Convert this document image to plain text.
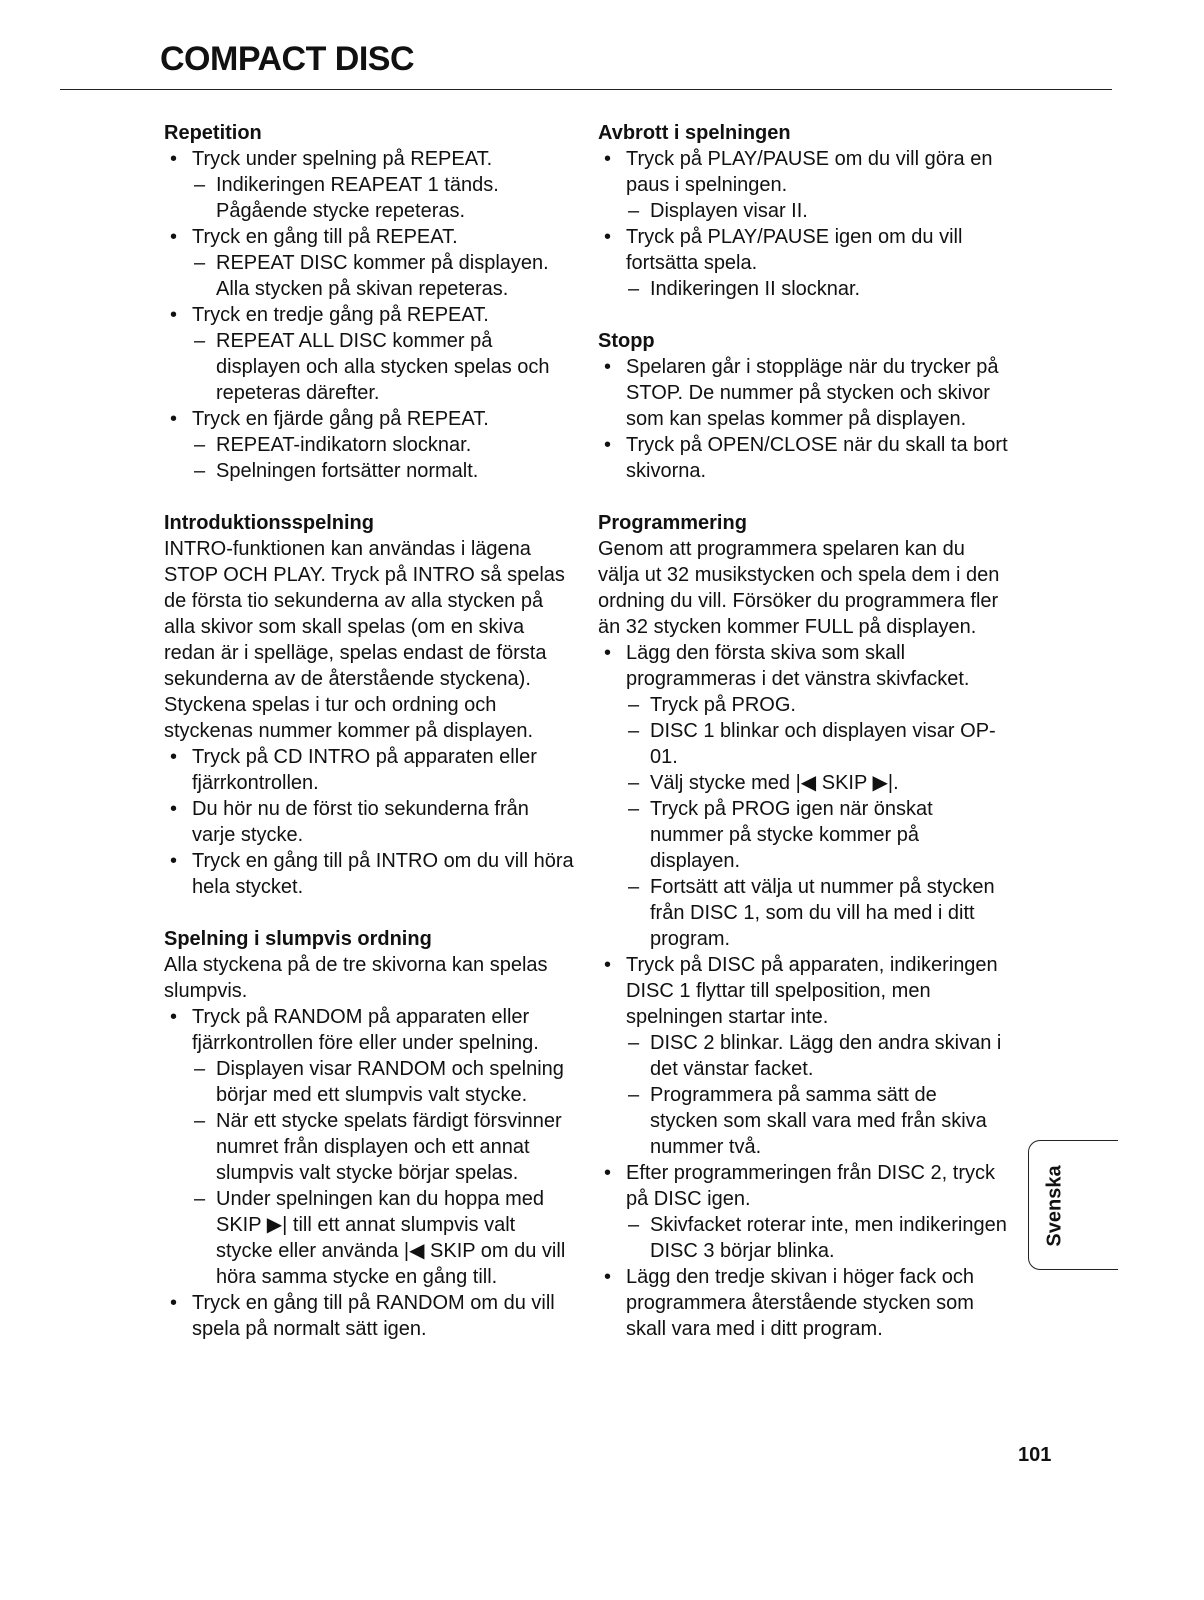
COMPACT DISC
Repetition
• Tryck under spelning på REPEAT.
– Indikeringen REAPEAT 1 tänds. Pågående stycke repeteras.
• Tryck en gång till på REPEAT.
– REPEAT DISC kommer på displayen. Alla stycken på skivan repeteras.
• Tryck en tredje gång på REPEAT.
– REPEAT ALL DISC kommer på displayen och alla stycken spelas och repeteras därefter.
• Tryck en fjärde gång på REPEAT.
– REPEAT-indikatorn slocknar.
– Spelningen fortsätter normalt.
Introduktionsspelning

INTRO-funktionen kan användas i lägena STOP OCH PLAY. Tryck på INTRO så spelas de första tio sekunderna av alla stycken på alla skivor som skall spelas (om en skiva redan är i spelläge, spelas endast de första sekunderna av de återstående styckena). Styckena spelas i tur och ordning och styckenas nummer kommer på displayen.

• Tryck på CD INTRO på apparaten eller fjärrkontrollen.
• Du hör nu de först tio sekunderna från varje stycke.
• Tryck en gång till på INTRO om du vill höra hela stycket.
Spelning i slumpvis ordning

Alla styckena på de tre skivorna kan spelas slumpvis.

• Tryck på RANDOM på apparaten eller fjärrkontrollen före eller under spelning.
– Displayen visar RANDOM och spelning börjar med ett slumpvis valt stycke.
– När ett stycke spelats färdigt försvinner numret från displayen och ett annat slumpvis valt stycke börjar spelas.
– Under spelningen kan du hoppa med SKIP ▶| till ett annat slumpvis valt stycke eller använda |◀ SKIP om du vill höra samma stycke en gång till.
• Tryck en gång till på RANDOM om du vill spela på normalt sätt igen.
Avbrott i spelningen
• Tryck på PLAY/PAUSE om du vill göra en paus i spelningen.
– Displayen visar II.
• Tryck på PLAY/PAUSE igen om du vill fortsätta spela.
– Indikeringen II slocknar.
Stopp
• Spelaren går i stoppläge när du trycker på STOP. De nummer på stycken och skivor som kan spelas kommer på displayen.
• Tryck på OPEN/CLOSE när du skall ta bort skivorna.
Programmering

Genom att programmera spelaren kan du välja ut 32 musikstycken och spela dem i den ordning du vill. Försöker du programmera fler än 32 stycken kommer FULL på displayen.

• Lägg den första skiva som skall programmeras i det vänstra skivfacket.
– Tryck på PROG.
– DISC 1 blinkar och displayen visar OP-01.
– Välj stycke med |◀ SKIP ▶|.
– Tryck på PROG igen när önskat nummer på stycke kommer på displayen.
– Fortsätt att välja ut nummer på stycken från DISC 1, som du vill ha med i ditt program.
• Tryck på DISC på apparaten, indikeringen DISC 1 flyttar till spelposition, men spelningen startar inte.
– DISC 2 blinkar. Lägg den andra skivan i det vänstar facket.
– Programmera på samma sätt de stycken som skall vara med från skiva nummer två.
• Efter programmeringen från DISC 2, tryck på DISC igen.
– Skivfacket roterar inte, men indikeringen DISC 3 börjar blinka.
• Lägg den tredje skivan i höger fack och programmera återstående stycken som skall vara med i ditt program.
Svenska
101
